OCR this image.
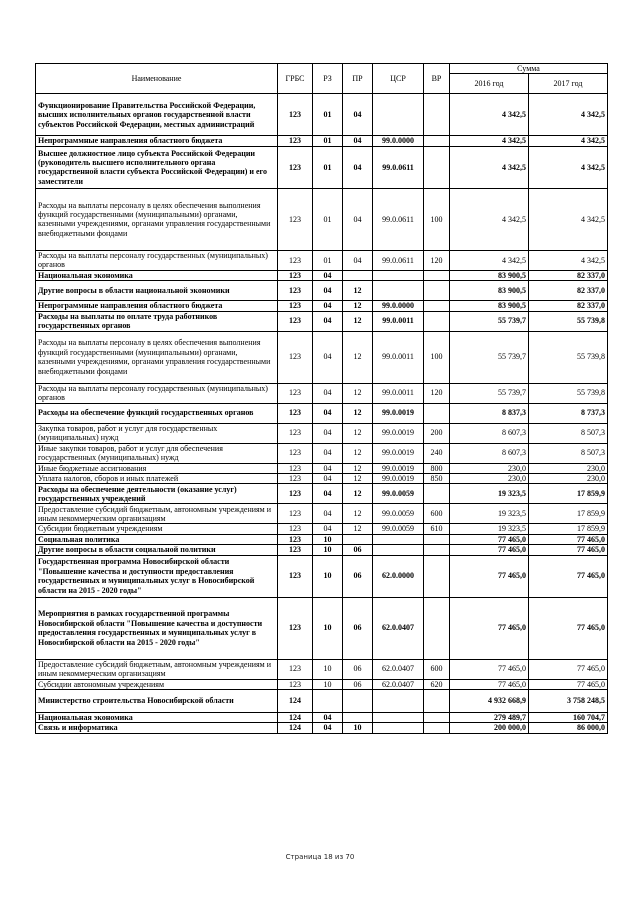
Наименование	ГРБС	РЗ	ПР	ЦСР	ВР	Сумма	
						2016 год	2017 год
Функционирование Правительства Российской Федерации, высших исполнительных органов государственной власти субъектов Российской Федерации, местных администраций	123	01	04			4 342,5	4 342,5
Непрограммные направления областного бюджета	123	01	04	99.0.0000		4 342,5	4 342,5
Высшее должностное лицо субъекта Российской Федерации (руководитель высшего исполнительного органа государственной власти субъекта Российской Федерации) и его заместители	123	01	04	99.0.0611		4 342,5	4 342,5
Расходы на выплаты персоналу в целях обеспечения выполнения функций государственными (муниципальными) органами, казенными учреждениями, органами управления государственными внебюджетными фондами	123	01	04	99.0.0611	100	4 342,5	4 342,5
Расходы на выплаты персоналу государственных (муниципальных) органов	123	01	04	99.0.0611	120	4 342,5	4 342,5
Национальная экономика	123	04				83 900,5	82 337,0
Другие вопросы в области национальной экономики	123	04	12			83 900,5	82 337,0
Непрограммные направления областного бюджета	123	04	12	99.0.0000		83 900,5	82 337,0
Расходы на выплаты по оплате труда работников государственных органов	123	04	12	99.0.0011		55 739,7	55 739,8
Расходы на выплаты персоналу в целях обеспечения выполнения функций государственными (муниципальными) органами, казенными учреждениями, органами управления государственными внебюджетными фондами	123	04	12	99.0.0011	100	55 739,7	55 739,8
Расходы на выплаты персоналу государственных (муниципальных) органов	123	04	12	99.0.0011	120	55 739,7	55 739,8
Расходы на обеспечение функций государственных органов	123	04	12	99.0.0019		8 837,3	8 737,3
Закупка товаров, работ и услуг для государственных (муниципальных) нужд	123	04	12	99.0.0019	200	8 607,3	8 507,3
Иные закупки товаров, работ и услуг для обеспечения государственных (муниципальных) нужд	123	04	12	99.0.0019	240	8 607,3	8 507,3
Иные бюджетные ассигнования	123	04	12	99.0.0019	800	230,0	230,0
Уплата налогов, сборов и иных платежей	123	04	12	99.0.0019	850	230,0	230,0
Расходы на обеспечение деятельности (оказание услуг) государственных учреждений	123	04	12	99.0.0059		19 323,5	17 859,9
Предоставление субсидий бюджетным, автономным учреждениям и иным некоммерческим организациям	123	04	12	99.0.0059	600	19 323,5	17 859,9
Субсидии бюджетным учреждениям	123	04	12	99.0.0059	610	19 323,5	17 859,9
Социальная политика	123	10				77 465,0	77 465,0
Другие вопросы в области социальной политики	123	10	06			77 465,0	77 465,0
Государственная программа Новосибирской области "Повышение качества и доступности предоставления государственных и муниципальных услуг в Новосибирской области на 2015 - 2020 годы"	123	10	06	62.0.0000		77 465,0	77 465,0
Мероприятия в рамках государственной программы Новосибирской области "Повышение качества и доступности предоставления государственных и муниципальных услуг в Новосибирской области на 2015 - 2020 годы"	123	10	06	62.0.0407		77 465,0	77 465,0
Предоставление субсидий бюджетным, автономным учреждениям и иным некоммерческим организациям	123	10	06	62.0.0407	600	77 465,0	77 465,0
Субсидии автономным учреждениям	123	10	06	62.0.0407	620	77 465,0	77 465,0
Министерство строительства Новосибирской области	124					4 932 668,9	3 758 248,5
Национальная экономика	124	04				279 489,7	160 704,7
Связь и информатика	124	04	10			200 000,0	86 000,0
Страница 18 из 70
